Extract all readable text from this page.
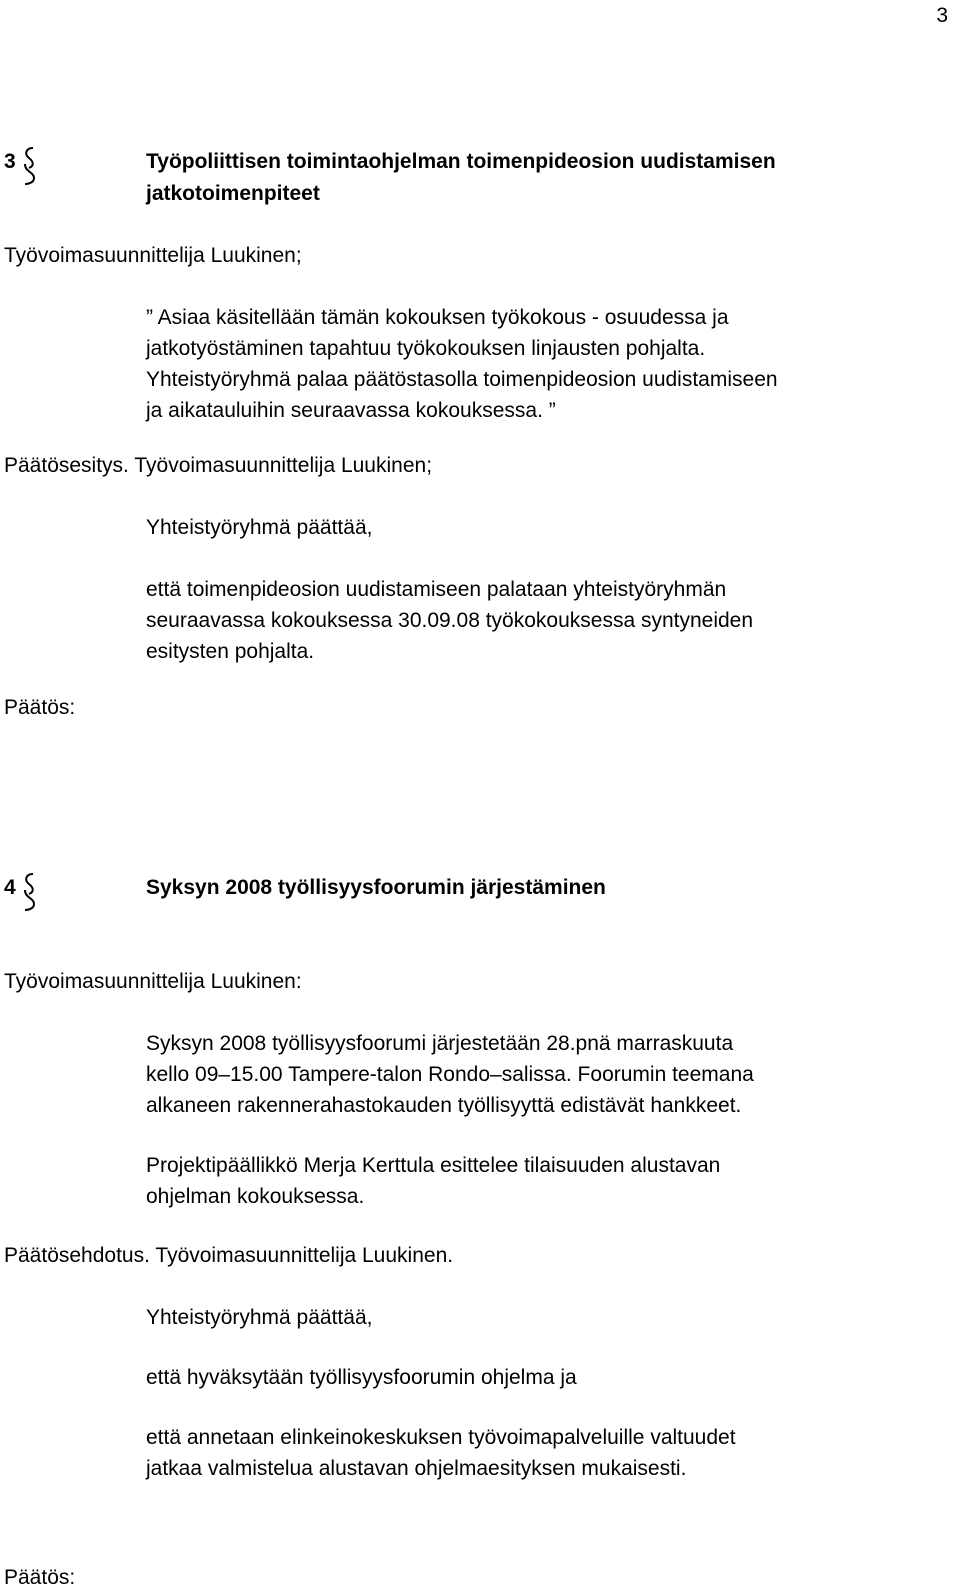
3
3	Työpoliittisen toimintaohjelman toimenpideosion uudistamisen
jatkotoimenpiteet
Työvoimasuunnittelija Luukinen;
” Asiaa käsitellään tämän kokouksen työkokous - osuudessa ja
jatkotyöstäminen tapahtuu työkokouksen linjausten pohjalta.
Yhteistyöryhmä palaa päätöstasolla toimenpideosion uudistamiseen
ja aikatauluihin seuraavassa kokouksessa. ”
Päätösesitys. Työvoimasuunnittelija Luukinen;
Yhteistyöryhmä päättää,
että toimenpideosion uudistamiseen palataan yhteistyöryhmän
seuraavassa kokouksessa 30.09.08 työkokouksessa syntyneiden
esitysten pohjalta.
Päätös:
4	Syksyn 2008 työllisyysfoorumin järjestäminen
Työvoimasuunnittelija Luukinen:
Syksyn 2008 työllisyysfoorumi järjestetään 28.pnä marraskuuta
kello 09–15.00 Tampere-talon Rondo–salissa. Foorumin teemana
alkaneen rakennerahastokauden työllisyyttä edistävät hankkeet.
Projektipäällikkö Merja Kerttula esittelee tilaisuuden alustavan
ohjelman kokouksessa.
Päätösehdotus. Työvoimasuunnittelija Luukinen.
Yhteistyöryhmä päättää,
että hyväksytään työllisyysfoorumin ohjelma ja
että annetaan elinkeinokeskuksen työvoimapalveluille valtuudet
jatkaa valmistelua alustavan ohjelmaesityksen mukaisesti.
Päätös:
